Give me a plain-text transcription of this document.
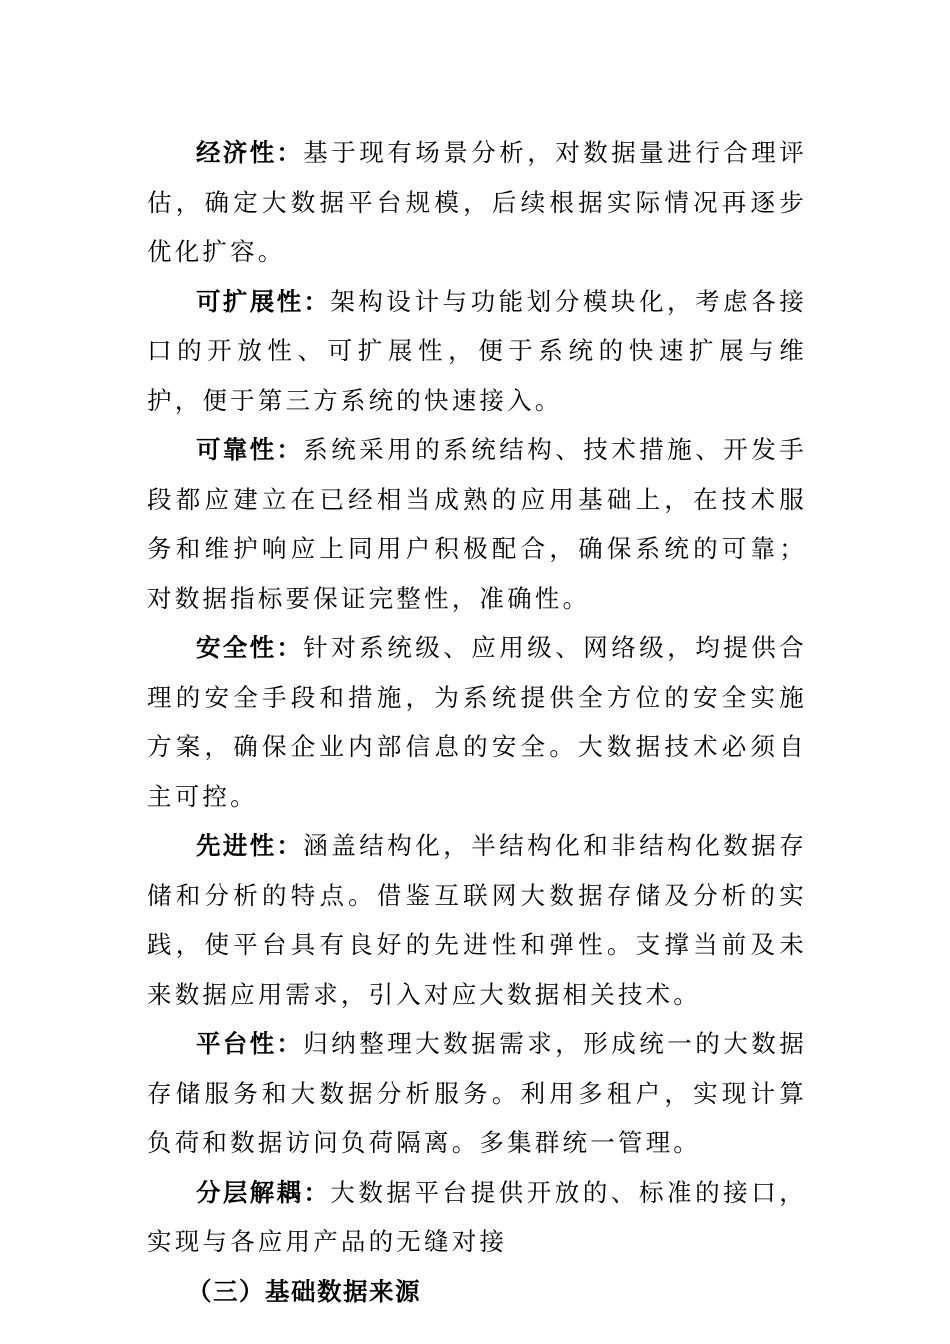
经济性：基于现有场景分析，对数据量进行合理评估，确定大数据平台规模，后续根据实际情况再逐步优化扩容。

可扩展性：架构设计与功能划分模块化，考虑各接口的开放性、可扩展性，便于系统的快速扩展与维护，便于第三方系统的快速接入。

可靠性：系统采用的系统结构、技术措施、开发手段都应建立在已经相当成熟的应用基础上，在技术服务和维护响应上同用户积极配合，确保系统的可靠；对数据指标要保证完整性，准确性。

安全性：针对系统级、应用级、网络级，均提供合理的安全手段和措施，为系统提供全方位的安全实施方案，确保企业内部信息的安全。大数据技术必须自主可控。

先进性：涵盖结构化，半结构化和非结构化数据存储和分析的特点。借鉴互联网大数据存储及分析的实践，使平台具有良好的先进性和弹性。支撑当前及未来数据应用需求，引入对应大数据相关技术。

平台性：归纳整理大数据需求，形成统一的大数据存储服务和大数据分析服务。利用多租户，实现计算负荷和数据访问负荷隔离。多集群统一管理。

分层解耦：大数据平台提供开放的、标准的接口，实现与各应用产品的无缝对接

（三）基础数据来源
